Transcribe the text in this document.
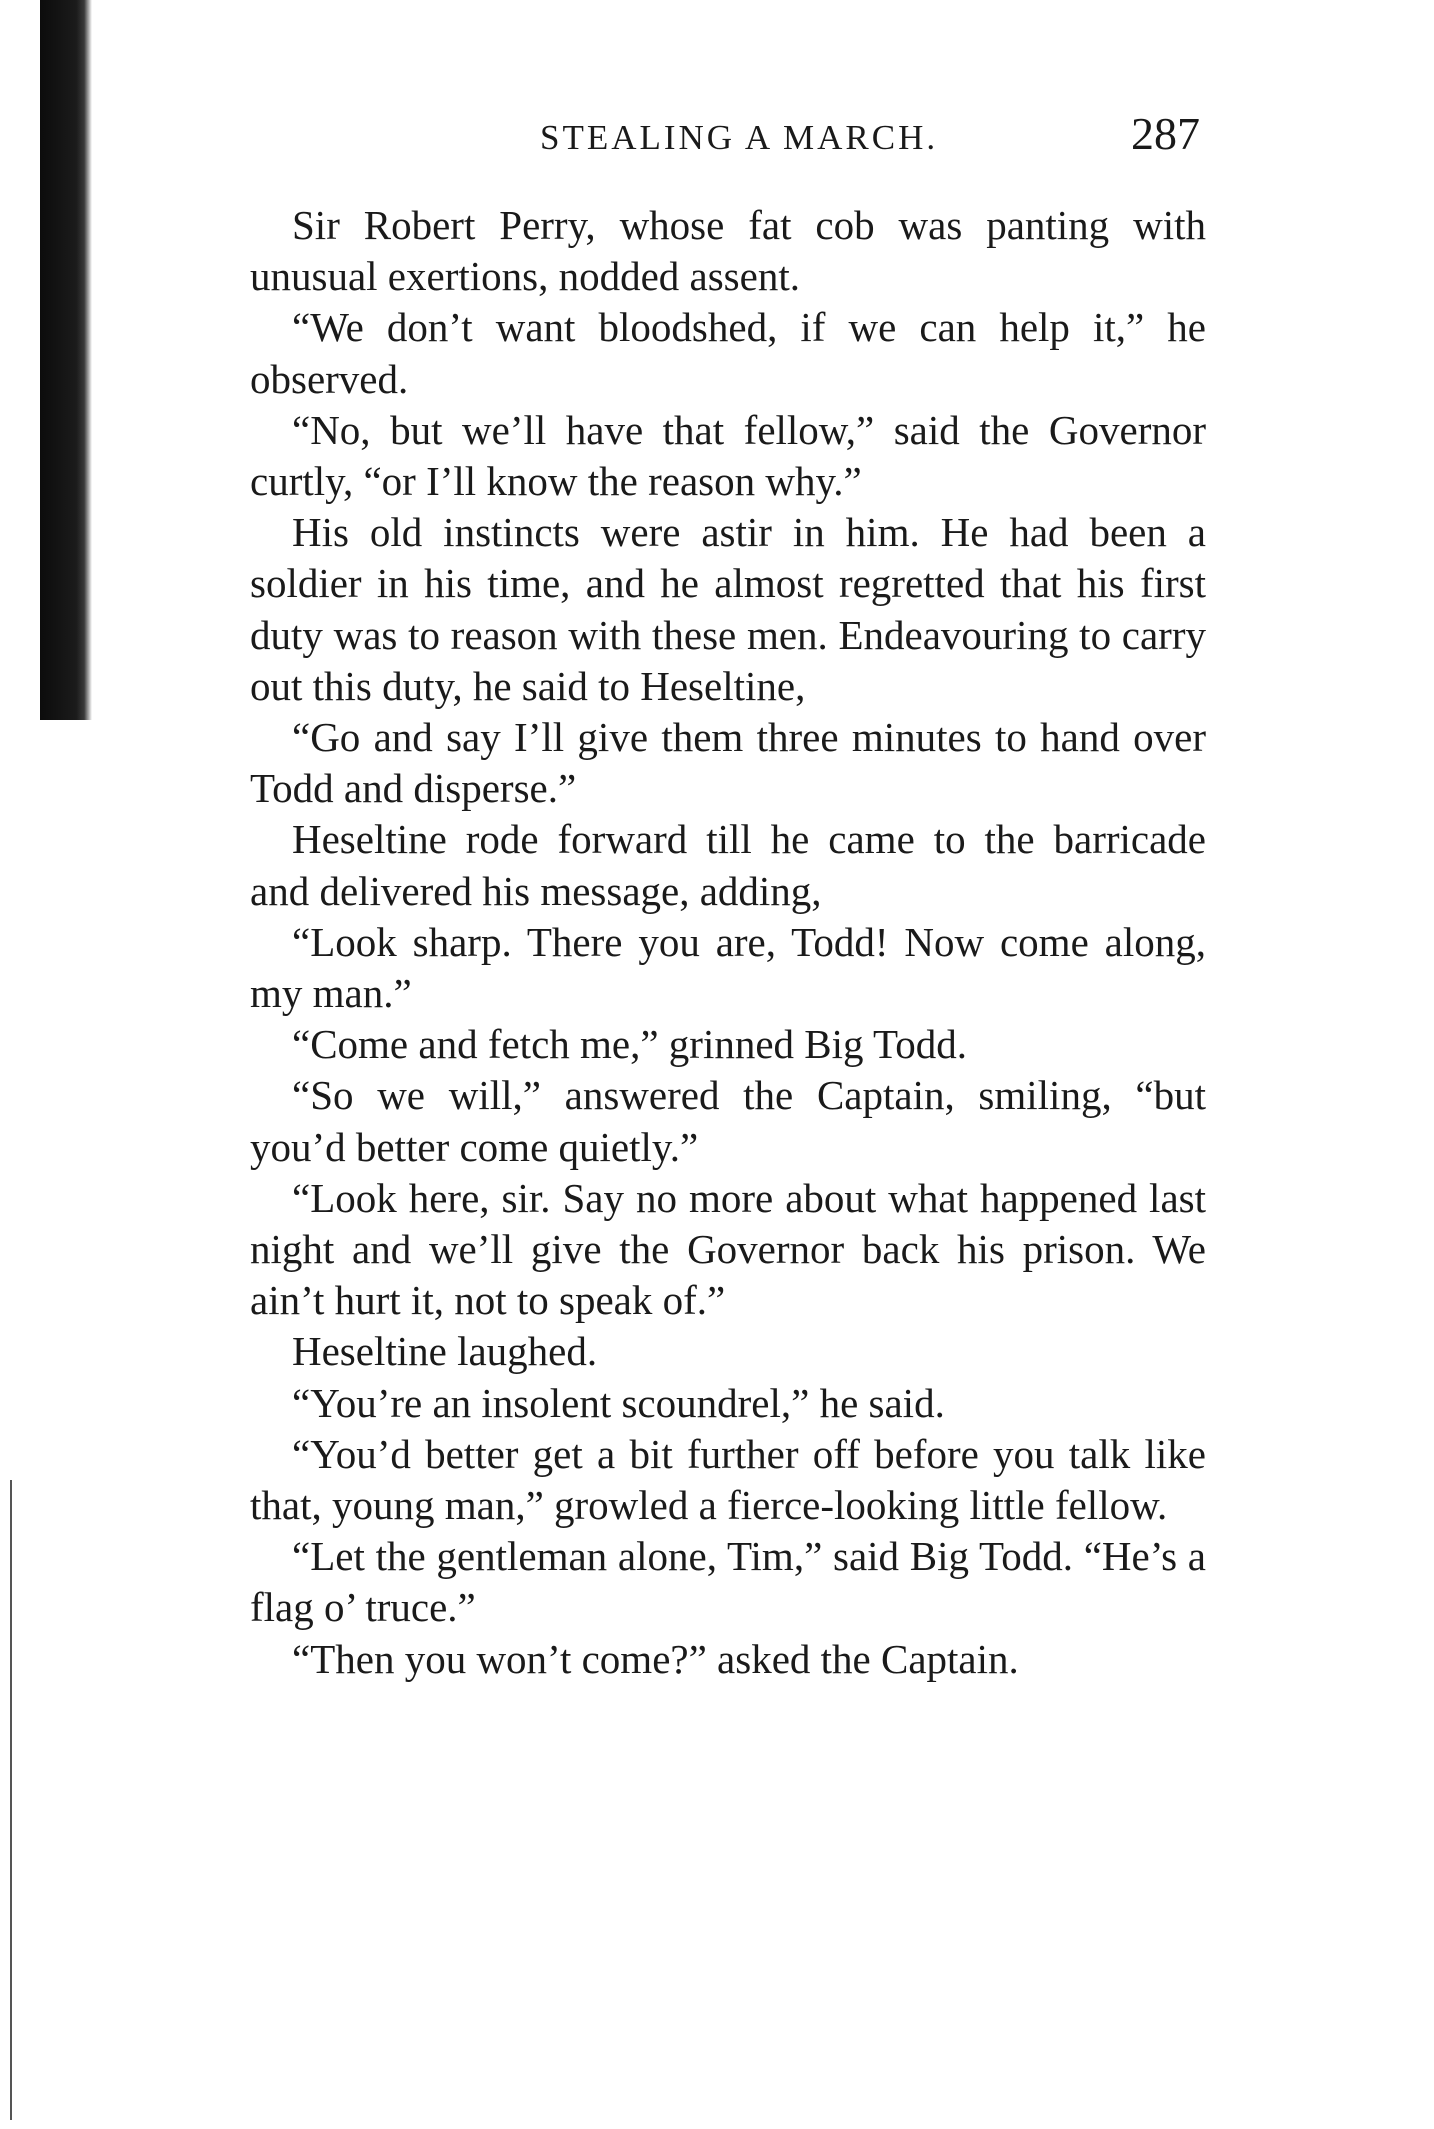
STEALING A MARCH.	287

Sir Robert Perry, whose fat cob was panting with unusual exertions, nodded assent.

“We don’t want bloodshed, if we can help it,” he observed.

“No, but we’ll have that fellow,” said the Governor curtly, “or I’ll know the reason why.”

His old instincts were astir in him. He had been a soldier in his time, and he almost regretted that his first duty was to reason with these men. Endeavouring to carry out this duty, he said to Heseltine,

“Go and say I’ll give them three minutes to hand over Todd and disperse.”

Heseltine rode forward till he came to the barricade and delivered his message, adding,

“Look sharp. There you are, Todd! Now come along, my man.”

“Come and fetch me,” grinned Big Todd.

“So we will,” answered the Captain, smiling, “but you’d better come quietly.”

“Look here, sir. Say no more about what happened last night and we’ll give the Governor back his prison. We ain’t hurt it, not to speak of.”

Heseltine laughed.

“You’re an insolent scoundrel,” he said.

“You’d better get a bit further off before you talk like that, young man,” growled a fierce-looking little fellow.

“Let the gentleman alone, Tim,” said Big Todd. “He’s a flag o’ truce.”

“Then you won’t come?” asked the Captain.
